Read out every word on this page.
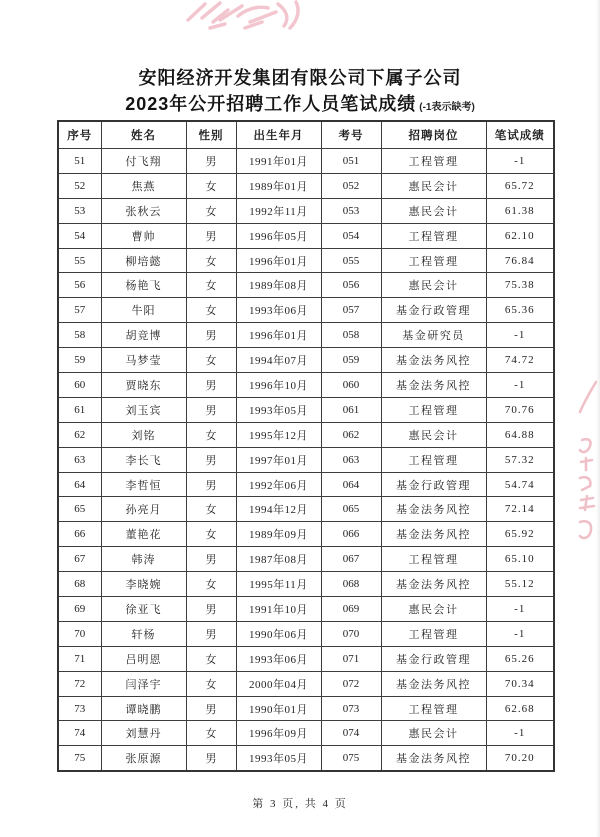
安阳经济开发集团有限公司下属子公司
2023年公开招聘工作人员笔试成绩 (-1表示缺考)
序号	姓名	性别	出生年月	考号	招聘岗位	笔试成绩
51	付飞翔	男	1991年01月	051	工程管理	-1
52	焦燕	女	1989年01月	052	惠民会计	65.72
53	张秋云	女	1992年11月	053	惠民会计	61.38
54	曹帅	男	1996年05月	054	工程管理	62.10
55	柳培懿	女	1996年01月	055	工程管理	76.84
56	杨艳飞	女	1989年08月	056	惠民会计	75.38
57	牛阳	女	1993年06月	057	基金行政管理	65.36
58	胡竞博	男	1996年01月	058	基金研究员	-1
59	马梦莹	女	1994年07月	059	基金法务风控	74.72
60	贾晓东	男	1996年10月	060	基金法务风控	-1
61	刘玉宾	男	1993年05月	061	工程管理	70.76
62	刘铭	女	1995年12月	062	惠民会计	64.88
63	李长飞	男	1997年01月	063	工程管理	57.32
64	李哲恒	男	1992年06月	064	基金行政管理	54.74
65	孙亮月	女	1994年12月	065	基金法务风控	72.14
66	董艳花	女	1989年09月	066	基金法务风控	65.92
67	韩涛	男	1987年08月	067	工程管理	65.10
68	李晓婉	女	1995年11月	068	基金法务风控	55.12
69	徐亚飞	男	1991年10月	069	惠民会计	-1
70	轩杨	男	1990年06月	070	工程管理	-1
71	吕明恩	女	1993年06月	071	基金行政管理	65.26
72	闫泽宇	女	2000年04月	072	基金法务风控	70.34
73	谭晓鹏	男	1990年01月	073	工程管理	62.68
74	刘慧丹	女	1996年09月	074	惠民会计	-1
75	张原源	男	1993年05月	075	基金法务风控	70.20
第 3 页, 共 4 页
